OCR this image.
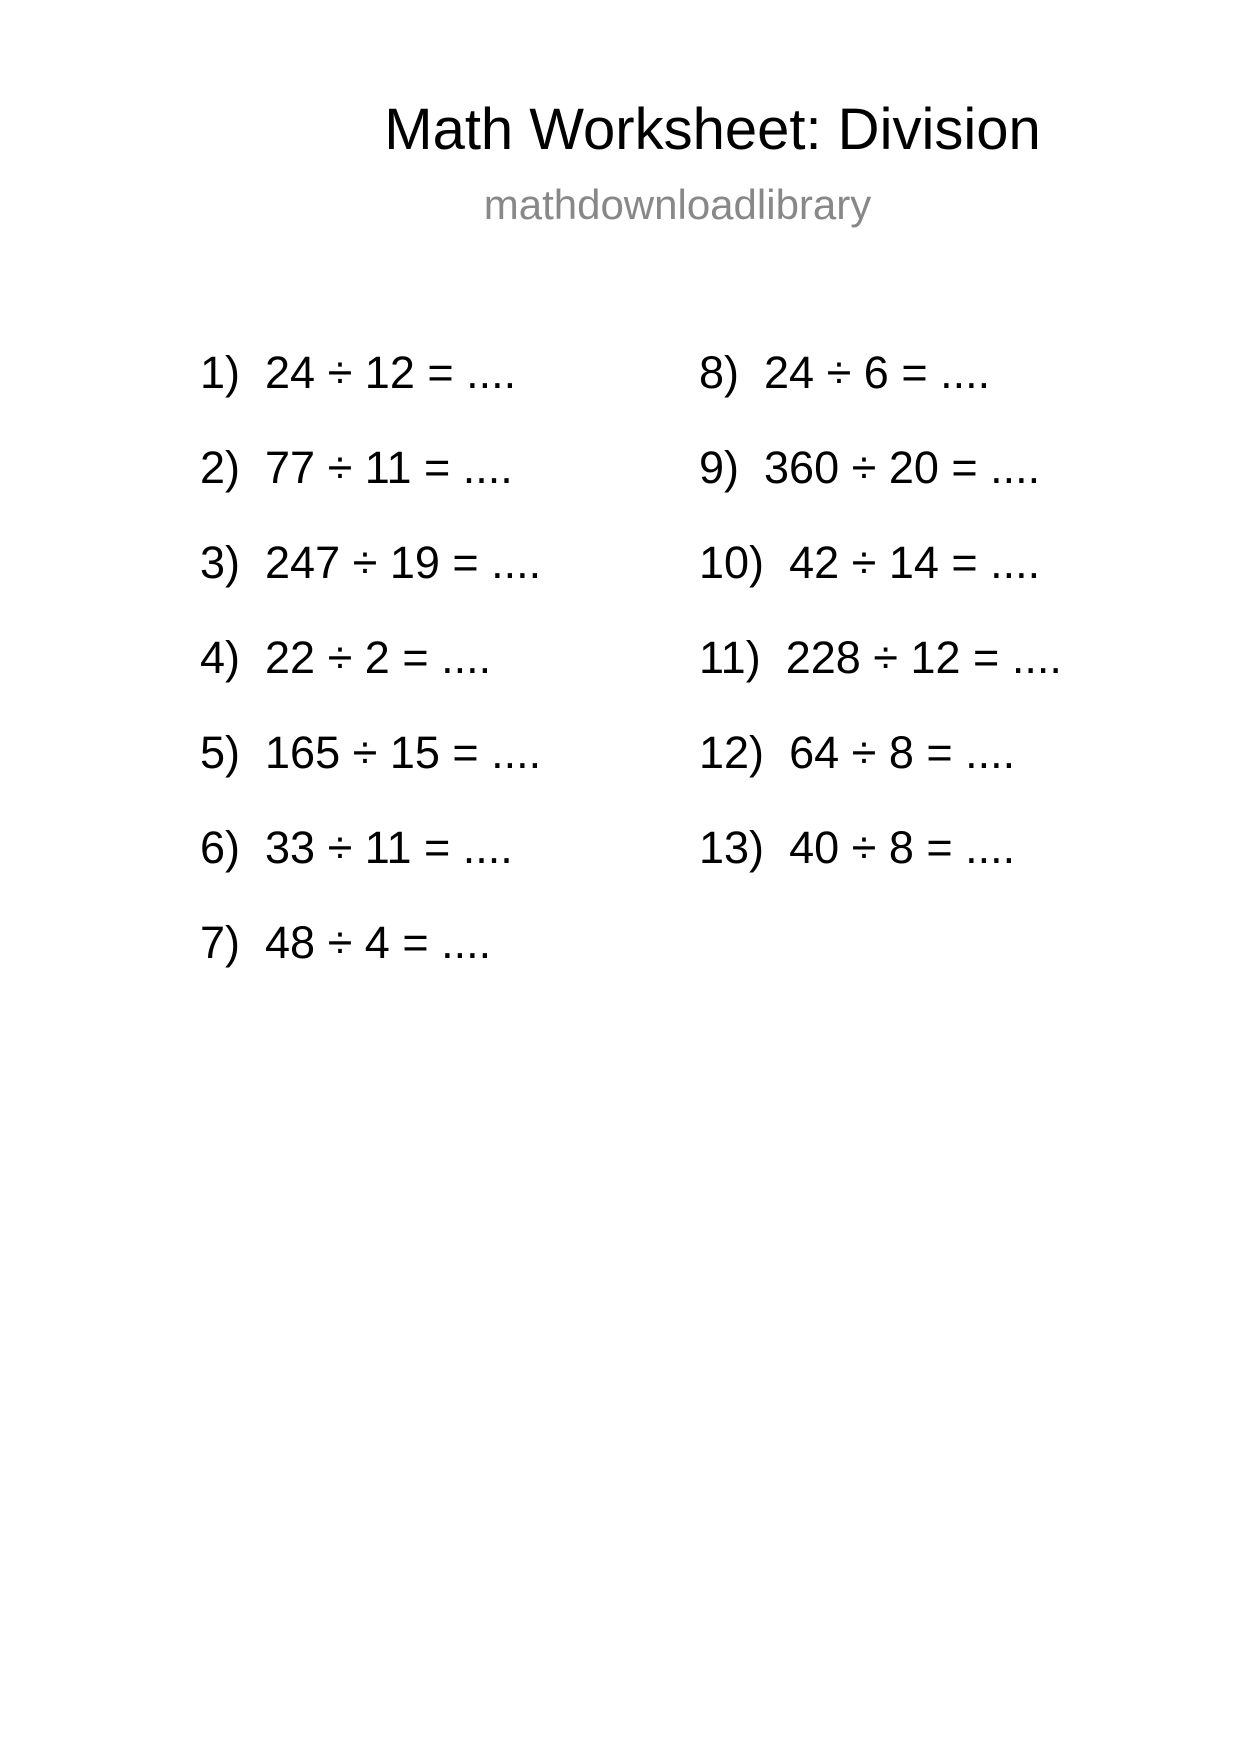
Math Worksheet: Division
mathdownloadlibrary
1) 24 ÷ 12 = ....
2) 77 ÷ 11 = ....
3) 247 ÷ 19 = ....
4) 22 ÷ 2 = ....
5) 165 ÷ 15 = ....
6) 33 ÷ 11 = ....
7) 48 ÷ 4 = ....
8) 24 ÷ 6 = ....
9) 360 ÷ 20 = ....
10) 42 ÷ 14 = ....
11) 228 ÷ 12 = ....
12) 64 ÷ 8 = ....
13) 40 ÷ 8 = ....
